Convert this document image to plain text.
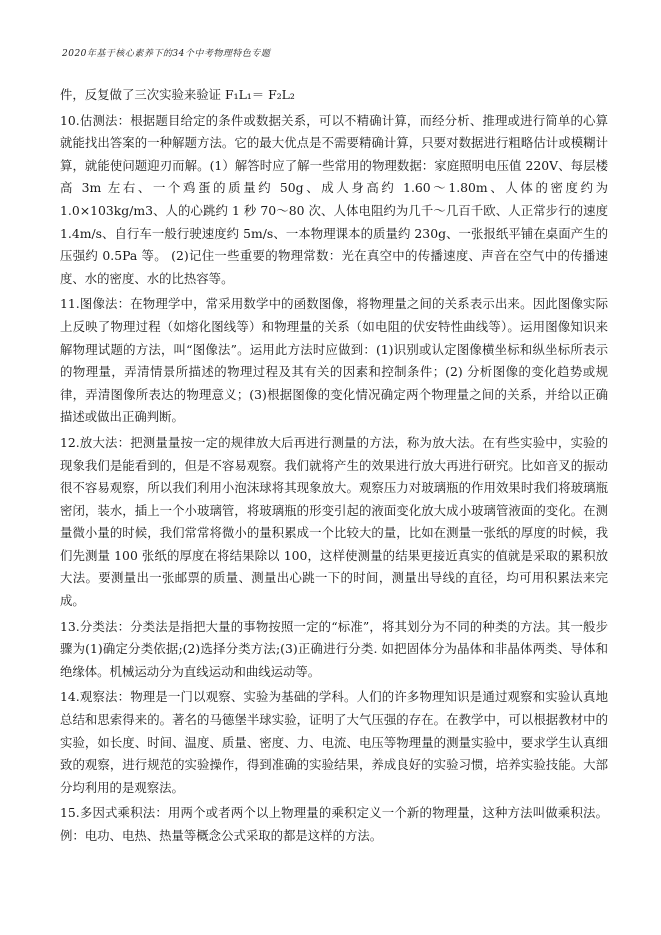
2020年基于核心素养下的34个中考物理特色专题

件，反复做了三次实验来验证 F₁L₁＝ F₂L₂

10.估测法：根据题目给定的条件或数据关系，可以不精确计算，而经分析、推理或进行简单的心算就能找出答案的一种解题方法。它的最大优点是不需要精确计算，只要对数据进行粗略估计或模糊计算，就能使问题迎刃而解。(1）解答时应了解一些常用的物理数据：家庭照明电压值 220V、每层楼高 3m 左右、一个鸡蛋的质量约 50g、成人身高约 1.60～1.80m、人体的密度约为 1.0×103kg/m3、人的心跳约 1 秒 70～80 次、人体电阻约为几千～几百千欧、人正常步行的速度 1.4m/s、自行车一般行驶速度约 5m/s、一本物理课本的质量约 230g、一张报纸平铺在桌面产生的压强约 0.5Pa 等。 (2)记住一些重要的物理常数：光在真空中的传播速度、声音在空气中的传播速度、水的密度、水的比热容等。

11.图像法：在物理学中，常采用数学中的函数图像，将物理量之间的关系表示出来。因此图像实际上反映了物理过程（如熔化图线等）和物理量的关系（如电阻的伏安特性曲线等）。运用图像知识来解物理试题的方法，叫“图像法”。运用此方法时应做到：(1)识别或认定图像横坐标和纵坐标所表示的物理量，弄清情景所描述的物理过程及其有关的因素和控制条件；(2) 分析图像的变化趋势或规律，弄清图像所表达的物理意义；(3)根据图像的变化情况确定两个物理量之间的关系，并给以正确描述或做出正确判断。

12.放大法：把测量量按一定的规律放大后再进行测量的方法，称为放大法。在有些实验中，实验的现象我们是能看到的，但是不容易观察。我们就将产生的效果进行放大再进行研究。比如音叉的振动很不容易观察，所以我们利用小泡沫球将其现象放大。观察压力对玻璃瓶的作用效果时我们将玻璃瓶密闭，装水，插上一个小玻璃管，将玻璃瓶的形变引起的液面变化放大成小玻璃管液面的变化。在测量微小量的时候，我们常常将微小的量积累成一个比较大的量，比如在测量一张纸的厚度的时候，我们先测量 100 张纸的厚度在将结果除以 100，这样使测量的结果更接近真实的值就是采取的累积放大法。要测量出一张邮票的质量、测量出心跳一下的时间，测量出导线的直径，均可用积累法来完成。

13.分类法：分类法是指把大量的事物按照一定的“标准”，将其划分为不同的种类的方法。其一般步骤为(1)确定分类依据;(2)选择分类方法;(3)正确进行分类. 如把固体分为晶体和非晶体两类、导体和绝缘体。机械运动分为直线运动和曲线运动等。

14.观察法：物理是一门以观察、实验为基础的学科。人们的许多物理知识是通过观察和实验认真地总结和思索得来的。著名的马德堡半球实验，证明了大气压强的存在。在教学中，可以根据教材中的实验，如长度、时间、温度、质量、密度、力、电流、电压等物理量的测量实验中，要求学生认真细致的观察，进行规范的实验操作，得到准确的实验结果，养成良好的实验习惯，培养实验技能。大部分均利用的是观察法。

15.多因式乘积法：用两个或者两个以上物理量的乘积定义一个新的物理量，这种方法叫做乘积法。例：电功、电热、热量等概念公式采取的都是这样的方法。
